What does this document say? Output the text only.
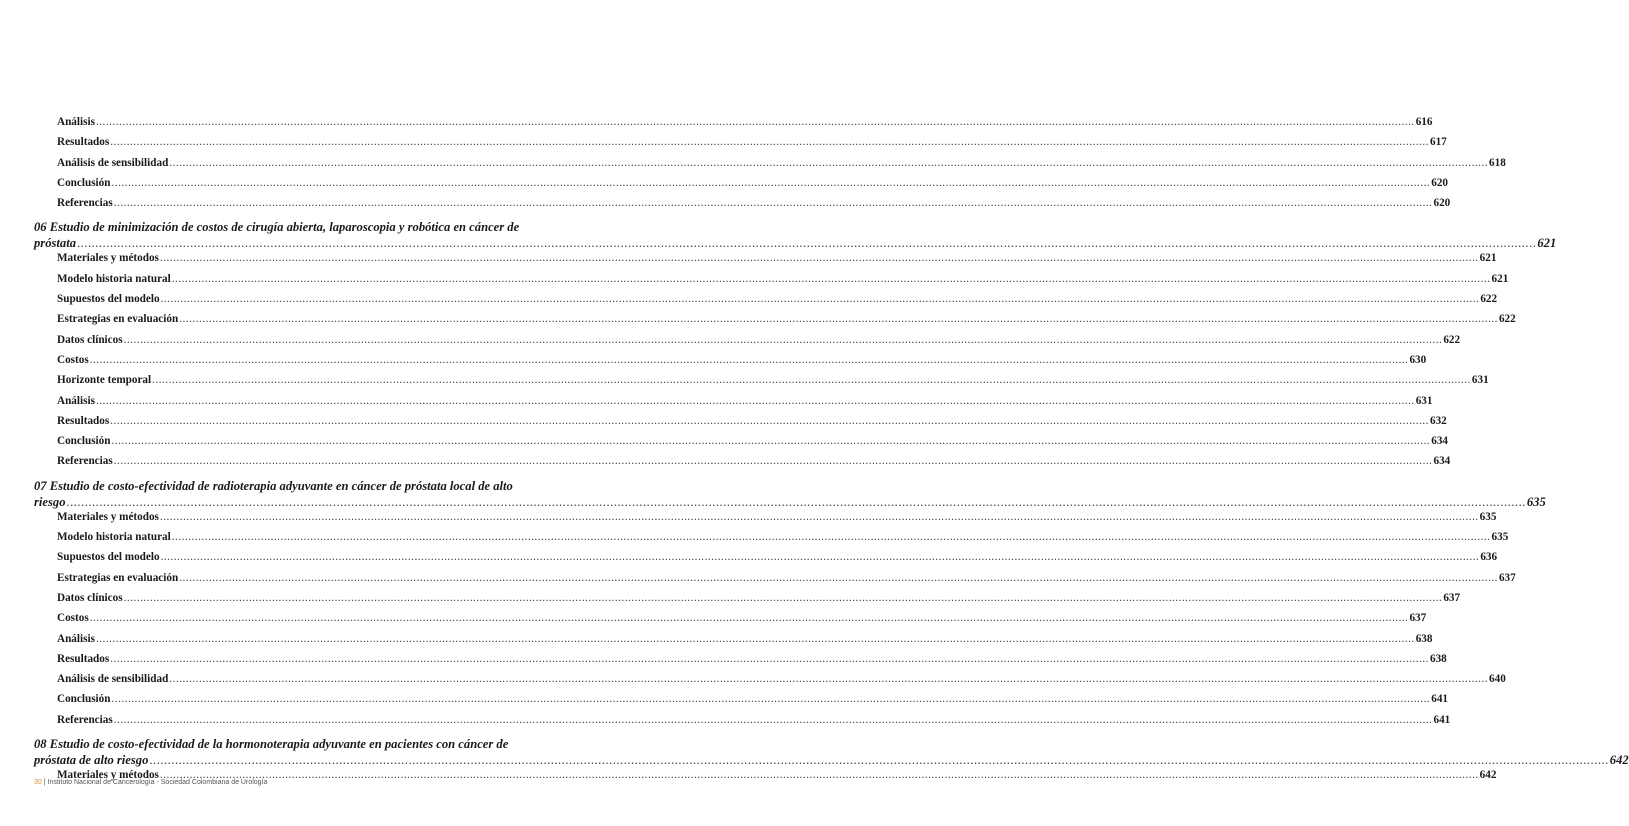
Análisis ................................................................................................................................................................................................................................................................................................................................................................................................................ 616
Resultados ................................................................................................................................................................................................................................................................................................................................................................................................................ 617
Análisis de sensibilidad ................................................................................................................................................................................................................................................................................................................................................................................................................ 618
Conclusión ................................................................................................................................................................................................................................................................................................................................................................................................................ 620
Referencias ................................................................................................................................................................................................................................................................................................................................................................................................................ 620
06 Estudio de minimización de costos de cirugía abierta, laparoscopia y robótica en cáncer de
próstata ................................................................................................................................................................................................................................................................................................................................................................................................................ 621
Materiales y métodos ................................................................................................................................................................................................................................................................................................................................................................................................................ 621
Modelo historia natural ................................................................................................................................................................................................................................................................................................................................................................................................................ 621
Supuestos del modelo ................................................................................................................................................................................................................................................................................................................................................................................................................ 622
Estrategias en evaluación ................................................................................................................................................................................................................................................................................................................................................................................................................ 622
Datos clínicos ................................................................................................................................................................................................................................................................................................................................................................................................................ 622
Costos ................................................................................................................................................................................................................................................................................................................................................................................................................ 630
Horizonte temporal ................................................................................................................................................................................................................................................................................................................................................................................................................ 631
Análisis ................................................................................................................................................................................................................................................................................................................................................................................................................ 631
Resultados ................................................................................................................................................................................................................................................................................................................................................................................................................ 632
Conclusión ................................................................................................................................................................................................................................................................................................................................................................................................................ 634
Referencias ................................................................................................................................................................................................................................................................................................................................................................................................................ 634
07 Estudio de costo-efectividad de radioterapia adyuvante en cáncer de próstata local de alto
riesgo ................................................................................................................................................................................................................................................................................................................................................................................................................ 635
Materiales y métodos ................................................................................................................................................................................................................................................................................................................................................................................................................ 635
Modelo historia natural ................................................................................................................................................................................................................................................................................................................................................................................................................ 635
Supuestos del modelo ................................................................................................................................................................................................................................................................................................................................................................................................................ 636
Estrategias en evaluación ................................................................................................................................................................................................................................................................................................................................................................................................................ 637
Datos clínicos ................................................................................................................................................................................................................................................................................................................................................................................................................ 637
Costos ................................................................................................................................................................................................................................................................................................................................................................................................................ 637
Análisis ................................................................................................................................................................................................................................................................................................................................................................................................................ 638
Resultados ................................................................................................................................................................................................................................................................................................................................................................................................................ 638
Análisis de sensibilidad ................................................................................................................................................................................................................................................................................................................................................................................................................ 640
Conclusión ................................................................................................................................................................................................................................................................................................................................................................................................................ 641
Referencias ................................................................................................................................................................................................................................................................................................................................................................................................................ 641
08 Estudio de costo-efectividad de la hormonoterapia adyuvante en pacientes con cáncer de
próstata de alto riesgo ................................................................................................................................................................................................................................................................................................................................................................................................................ 642
Materiales y métodos ................................................................................................................................................................................................................................................................................................................................................................................................................ 642
30 | Instituto Nacional de Cancerología - Sociedad Colombiana de Urología
